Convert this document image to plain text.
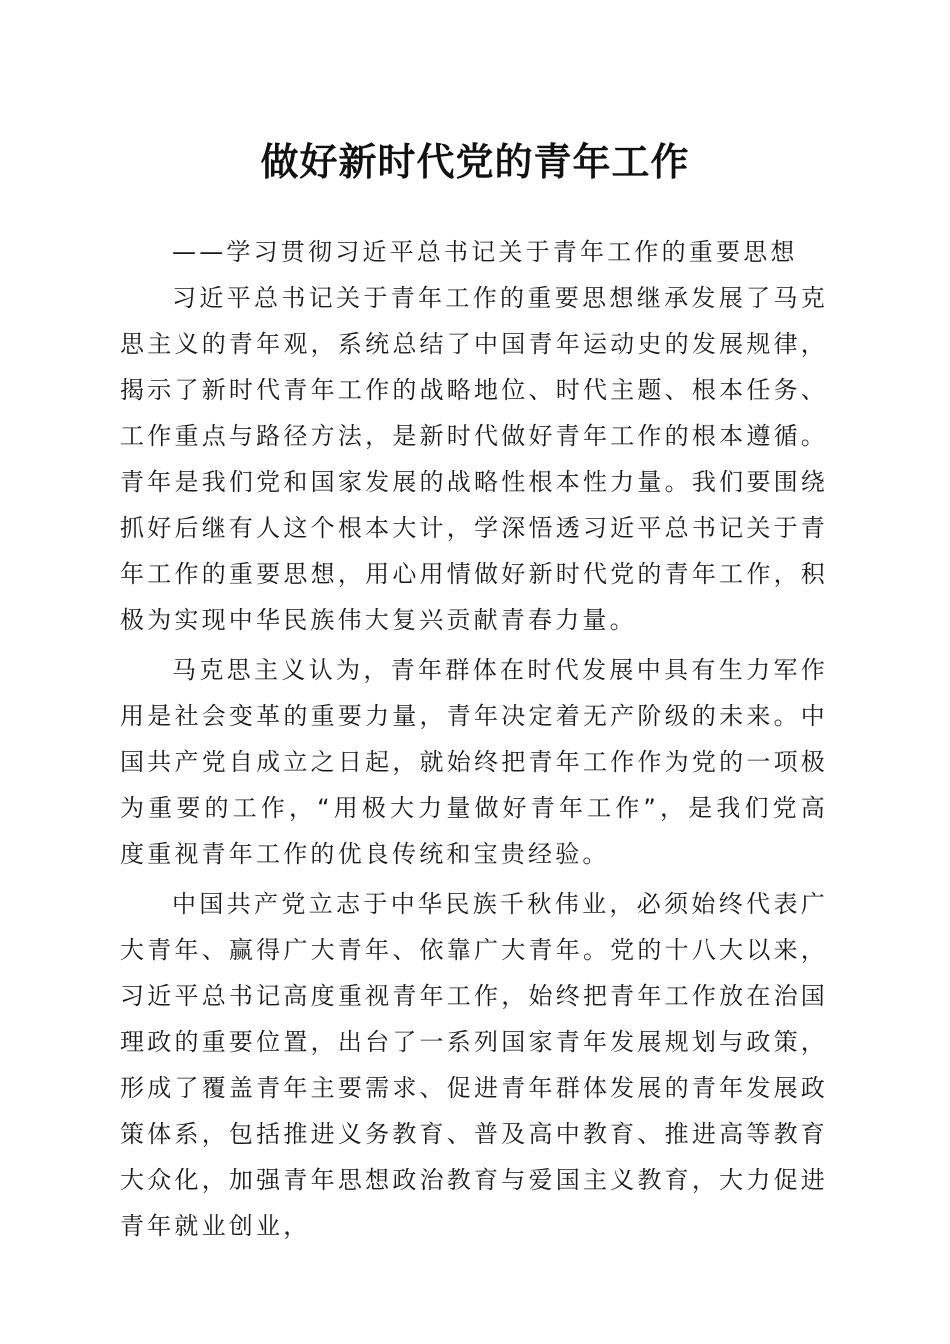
做好新时代党的青年工作

——学习贯彻习近平总书记关于青年工作的重要思想

习近平总书记关于青年工作的重要思想继承发展了马克思主义的青年观，系统总结了中国青年运动史的发展规律，揭示了新时代青年工作的战略地位、时代主题、根本任务、工作重点与路径方法，是新时代做好青年工作的根本遵循。青年是我们党和国家发展的战略性根本性力量。我们要围绕抓好后继有人这个根本大计，学深悟透习近平总书记关于青年工作的重要思想，用心用情做好新时代党的青年工作，积极为实现中华民族伟大复兴贡献青春力量。

马克思主义认为，青年群体在时代发展中具有生力军作用是社会变革的重要力量，青年决定着无产阶级的未来。中国共产党自成立之日起，就始终把青年工作作为党的一项极为重要的工作，“用极大力量做好青年工作”，是我们党高度重视青年工作的优良传统和宝贵经验。

中国共产党立志于中华民族千秋伟业，必须始终代表广大青年、赢得广大青年、依靠广大青年。党的十八大以来，习近平总书记高度重视青年工作，始终把青年工作放在治国理政的重要位置，出台了一系列国家青年发展规划与政策，形成了覆盖青年主要需求、促进青年群体发展的青年发展政策体系，包括推进义务教育、普及高中教育、推进高等教育大众化，加强青年思想政治教育与爱国主义教育，大力促进青年就业创业，
